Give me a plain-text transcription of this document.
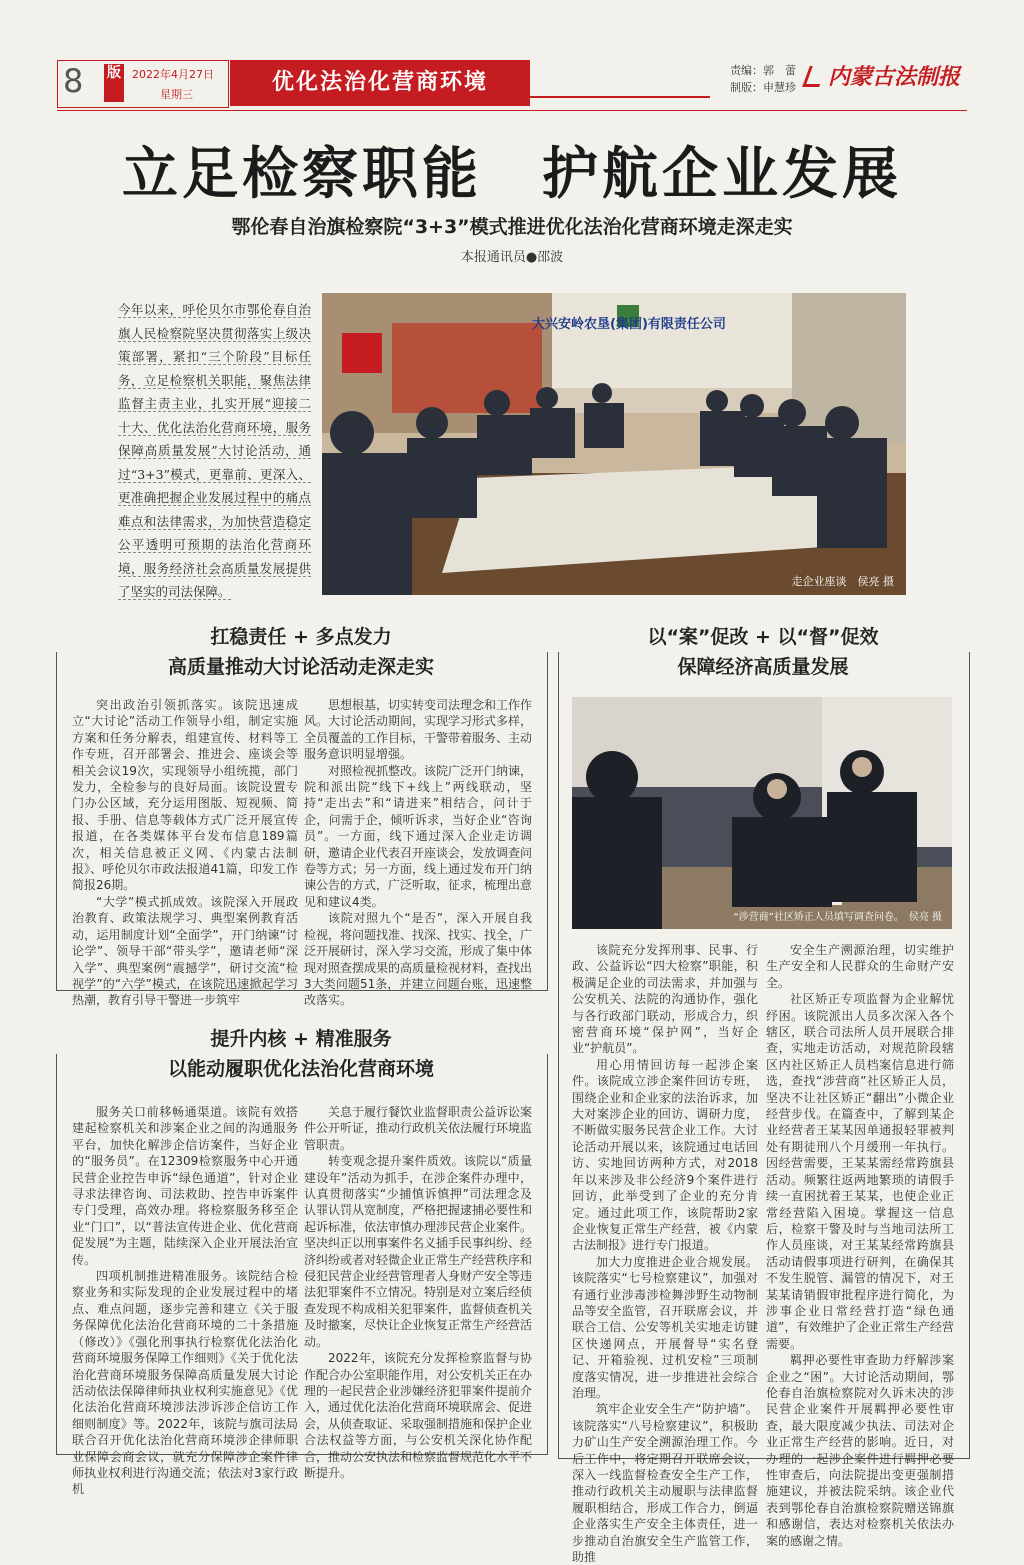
8 版 2022年4月27日
星期三	优化法治化营商环境	责编：郭　蕾
制版：申慧珍 内蒙古法制报
立足检察职能　护航企业发展
鄂伦春自治旗检察院“3+3”模式推进优化法治化营商环境走深走实
本报通讯员●邵波
今年以来，呼伦贝尔市鄂伦春自治旗人民检察院坚决贯彻落实上级决策部署，紧扣“三个阶段”目标任务，立足检察机关职能，聚焦法律监督主责主业，扎实开展“迎接二十大、优化法治化营商环境，服务保障高质量发展”大讨论活动，通过“3+3”模式，更靠前、更深入、更准确把握企业发展过程中的痛点难点和法律需求，为加快营造稳定公平透明可预期的法治化营商环境，服务经济社会高质量发展提供了坚实的司法保障。
大兴安岭农垦(集团)有限责任公司
走企业座谈　侯亮 摄
扛稳责任 + 多点发力
高质量推动大讨论活动走深走实

突出政治引领抓落实。该院迅速成立“大讨论”活动工作领导小组，制定实施方案和任务分解表，组建宣传、材料等工作专班，召开部署会、推进会、座谈会等相关会议19次，实现领导小组统揽，部门发力，全检参与的良好局面。该院设置专门办公区域，充分运用图版、短视频、简报、手册、信息等载体方式广泛开展宣传报道，在各类媒体平台发布信息189篇次，相关信息被正义网、《内蒙古法制报》、呼伦贝尔市政法报道41篇，印发工作简报26期。

“大学”模式抓成效。该院深入开展政治教育、政策法规学习、典型案例教育活动，运用制度计划“全面学”，开门纳谏“讨论学”、领导干部“带头学”，邀请老师“深入学”、典型案例“震撼学”，研讨交流“检视学”的“六学”模式，在该院迅速掀起学习热潮，教育引导干警进一步筑牢

思想根基，切实转变司法理念和工作作风。大讨论活动期间，实现学习形式多样，全员覆盖的工作目标，干警带着服务、主动服务意识明显增强。

对照检视抓整改。该院广泛开门纳谏，院和派出院“线下+线上”两线联动，坚持“走出去”和“请进来”相结合，问计于企，问需于企，倾听诉求，当好企业“咨询员”。一方面，线下通过深入企业走访调研，邀请企业代表召开座谈会，发放调查问卷等方式；另一方面，线上通过发布开门纳谏公告的方式，广泛听取，征求，梳理出意见和建议4类。

该院对照九个“是否”，深入开展自我检视，将问题找准、找深、找实、找全，广泛开展研讨，深入学习交流，形成了集中体现对照查摆成果的高质量检视材料，查找出3大类问题51条，并建立问题台账，迅速整改落实。

提升内核 + 精准服务
以能动履职优化法治化营商环境

服务关口前移畅通渠道。该院有效搭建起检察机关和涉案企业之间的沟通服务平台，加快化解涉企信访案件，当好企业的“服务员”。在12309检察服务中心开通民营企业控告申诉“绿色通道”，针对企业寻求法律咨询、司法救助、控告申诉案件专门受理，高效办理。将检察服务移至企业“门口”，以“普法宣传进企业、优化营商促发展”为主题，陆续深入企业开展法治宣传。

四项机制推进精准服务。该院结合检察业务和实际发现的企业发展过程中的堵点、难点问题，逐步完善和建立《关于服务保障优化法治化营商环境的二十条措施（修改）》《强化刑事执行检察优化法治化营商环境服务保障工作细则》《关于优化法治化营商环境服务保障高质量发展大讨论活动依法保障律师执业权利实施意见》《优化法治化营商环境涉法涉诉涉企信访工作细则制度》等。2022年，该院与旗司法局联合召开优化法治化营商环境涉企律师职业保障会商会议，就充分保障涉企案件律师执业权利进行沟通交流；依法对3家行政机

关息于履行餐饮业监督职责公益诉讼案件公开听证，推动行政机关依法履行环境监管职责。

转变观念提升案件质效。该院以“质量建设年”活动为抓手，在涉企案件办理中，认真贯彻落实“少捕慎诉慎押”司法理念及认罪认罚从宽制度，严格把握逮捕必要性和起诉标准，依法审慎办理涉民营企业案件。坚决纠正以刑事案件名义插手民事纠纷、经济纠纷或者对轻微企业正常生产经营秩序和侵犯民营企业经营管理者人身财产安全等违法犯罪案件不立情况。特别是对立案后经侦查发现不构成相关犯罪案件，监督侦查机关及时撤案，尽快让企业恢复正常生产经营活动。

2022年，该院充分发挥检察监督与协作配合办公室职能作用，对公安机关正在办理的一起民营企业涉嫌经济犯罪案件提前介入，通过优化法治化营商环境联席会、促进会，从侦查取证、采取强制措施和保护企业合法权益等方面，与公安机关深化协作配合，推动公安执法和检察监督规范化水平不断提升。

以“案”促改 + 以“督”促效
保障经济高质量发展
“涉营商”社区矫正人员填写调查问卷。　侯亮 摄

该院充分发挥刑事、民事、行政、公益诉讼“四大检察”职能，积极满足企业的司法需求，并加强与公安机关、法院的沟通协作，强化与各行政部门联动，形成合力，织密营商环境“保护网”，当好企业“护航员”。

用心用情回访每一起涉企案件。该院成立涉企案件回访专班，围绕企业和企业家的法治诉求，加大对案涉企业的回访、调研力度，不断做实服务民营企业工作。大讨论活动开展以来，该院通过电话回访、实地回访两种方式，对2018年以来涉及非公经济9个案件进行回访，此举受到了企业的充分肯定。通过此项工作，该院帮助2家企业恢复正常生产经营，被《内蒙古法制报》进行专门报道。

加大力度推进企业合规发展。该院落实“七号检察建议”，加强对有通行业涉毒涉检舞涉野生动物制品等安全监管，召开联席会议，并联合工信、公安等机关实地走访键区快递网点，开展督导“实名登记、开箱验视、过机安检”三项制度落实情况，进一步推进社会综合治理。

筑牢企业安全生产“防护墙”。该院落实“八号检察建议”，积极助力矿山生产安全溯源治理工作。今后工作中，将定期召开联席会议，深入一线监督检查安全生产工作，推动行政机关主动履职与法律监督履职相结合，形成工作合力，倒逼企业落实生产安全主体责任，进一步推动自治旗安全生产监管工作，助推

安全生产溯源治理，切实维护生产安全和人民群众的生命财产安全。

社区矫正专项监督为企业解忧纾困。该院派出人员多次深入各个辖区，联合司法所人员开展联合排查，实地走访活动，对规范阶段辖区内社区矫正人员档案信息进行筛选，查找“涉营商”社区矫正人员，坚决不让社区矫正“翻出”小微企业经营步伐。在篇查中，了解到某企业经营者王某某因单通报轻罪被判处有期徒刑八个月缓刑一年执行。因经营需要，王某某需经常跨旗县活动。频繁往返两地繁琐的请假手续一直困扰着王某某，也使企业正常经营陷入困境。掌握这一信息后，检察干警及时与当地司法所工作人员座谈，对王某某经常跨旗县活动请假事项进行研判，在确保其不发生脱管、漏管的情况下，对王某某请销假审批程序进行简化，为涉事企业日常经营打造“绿色通道”，有效维护了企业正常生产经营需要。

羁押必要性审查助力纾解涉案企业之“困”。大讨论活动期间，鄂伦春自治旗检察院对久诉未决的涉民营企业案件开展羁押必要性审查，最大限度减少执法、司法对企业正常生产经营的影响。近日，对办理的一起涉企案件进行羁押必要性审查后，向法院提出变更强制措施建议，并被法院采纳。该企业代表到鄂伦春自治旗检察院赠送锦旗和感谢信，表达对检察机关依法办案的感谢之情。
